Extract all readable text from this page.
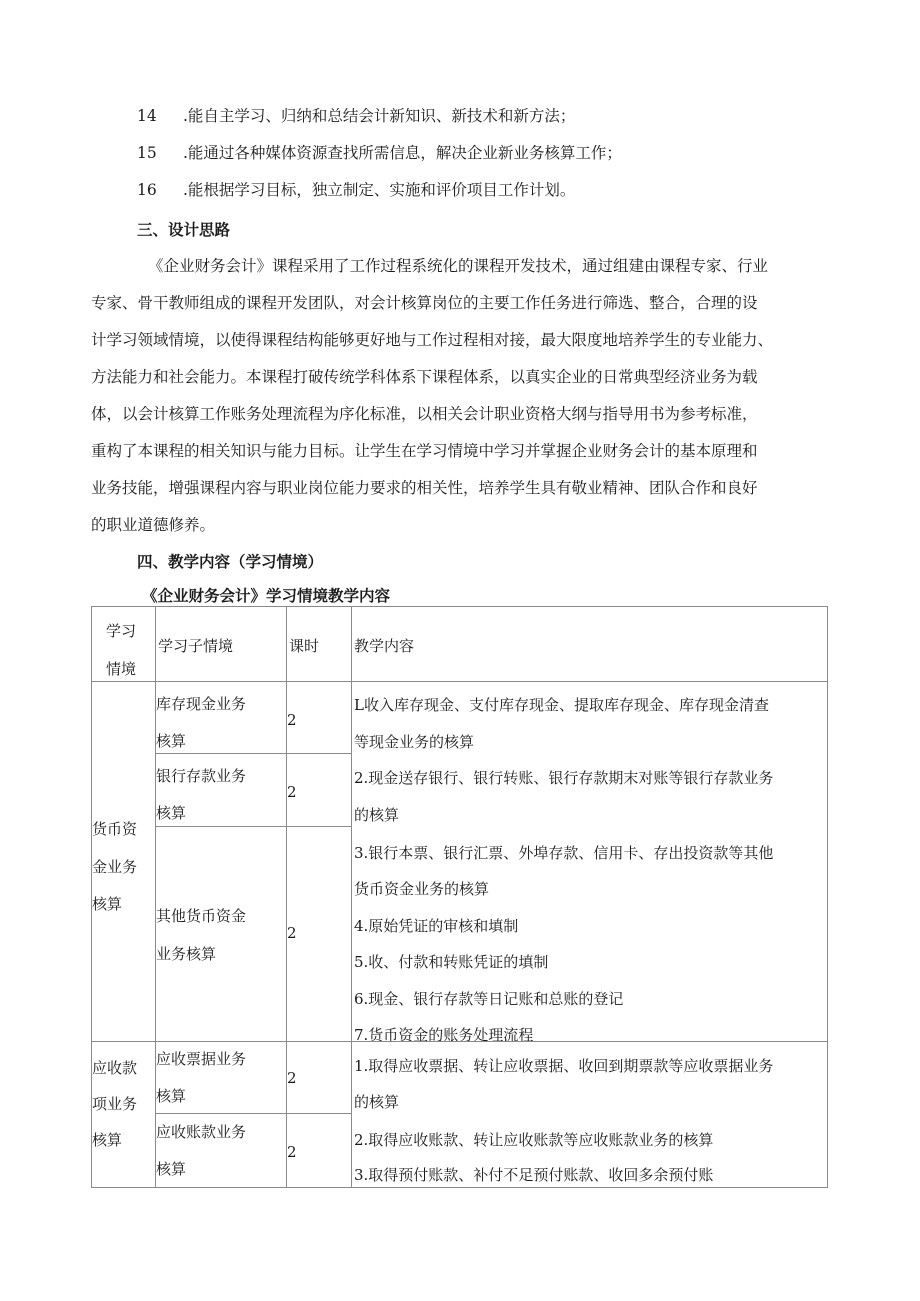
14 .能自主学习、归纳和总结会计新知识、新技术和新方法；
15 .能通过各种媒体资源查找所需信息，解决企业新业务核算工作；
16 .能根据学习目标，独立制定、实施和评价项目工作计划。
三、设计思路
《企业财务会计》课程采用了工作过程系统化的课程开发技术，通过组建由课程专家、行业
专家、骨干教师组成的课程开发团队，对会计核算岗位的主要工作任务进行筛选、整合，合理的设
计学习领域情境，以使得课程结构能够更好地与工作过程相对接，最大限度地培养学生的专业能力、
方法能力和社会能力。本课程打破传统学科体系下课程体系，以真实企业的日常典型经济业务为载
体，以会计核算工作账务处理流程为序化标准，以相关会计职业资格大纲与指导用书为参考标准，
重构了本课程的相关知识与能力目标。让学生在学习情境中学习并掌握企业财务会计的基本原理和
业务技能，增强课程内容与职业岗位能力要求的相关性，培养学生具有敬业精神、团队合作和良好
的职业道德修养。
四、教学内容（学习情境）
《企业财务会计》学习情境教学内容
学习
情境
学习子情境	课时 教学内容
货币资
金业务
核算
库存现金业务
核算
2
银行存款业务
核算
2
其他货币资金
业务核算
2
L收入库存现金、支付库存现金、提取库存现金、库存现金清查
等现金业务的核算
2.现金送存银行、银行转账、银行存款期末对账等银行存款业务
的核算
3.银行本票、银行汇票、外埠存款、信用卡、存出投资款等其他
货币资金业务的核算
4.原始凭证的审核和填制
5.收、付款和转账凭证的填制
6.现金、银行存款等日记账和总账的登记
7.货币资金的账务处理流程
应收款
项业务
核算
应收票据业务
核算
2
应收账款业务
核算
2
1.取得应收票据、转让应收票据、收回到期票款等应收票据业务
的核算
2.取得应收账款、转让应收账款等应收账款业务的核算
3.取得预付账款、补付不足预付账款、收回多余预付账
